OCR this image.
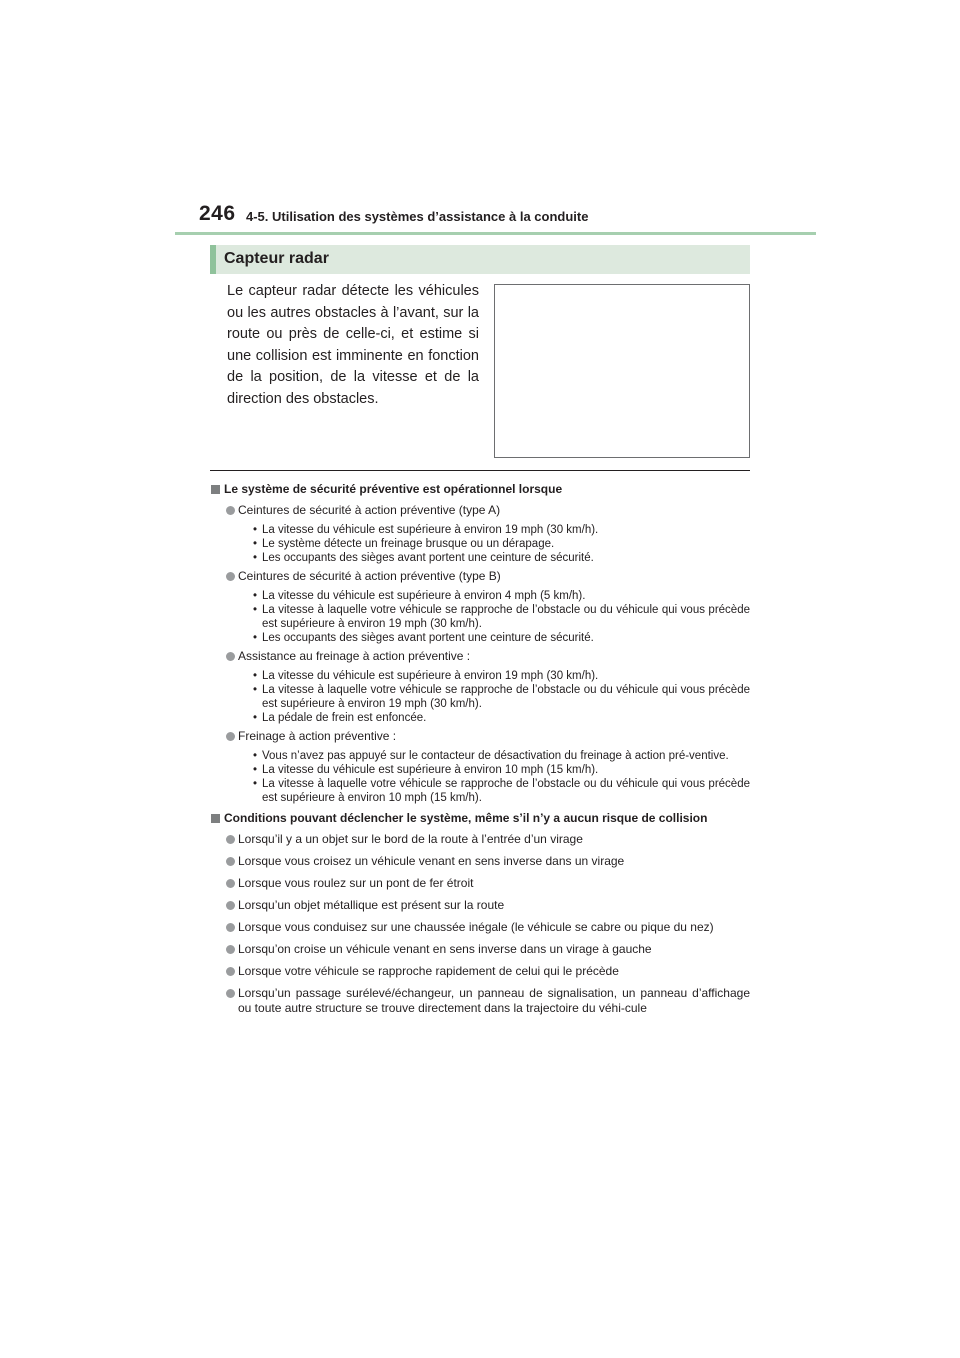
246 4-5. Utilisation des systèmes d’assistance à la conduite
Capteur radar
Le capteur radar détecte les véhicules ou les autres obstacles à l’avant, sur la route ou près de celle-ci, et estime si une collision est imminente en fonction de la position, de la vitesse et de la direction des obstacles.
Le système de sécurité préventive est opérationnel lorsque
Ceintures de sécurité à action préventive (type A)
• La vitesse du véhicule est supérieure à environ 19 mph (30 km/h).
• Le système détecte un freinage brusque ou un dérapage.
• Les occupants des sièges avant portent une ceinture de sécurité.
Ceintures de sécurité à action préventive (type B)
• La vitesse du véhicule est supérieure à environ 4 mph (5 km/h).
• La vitesse à laquelle votre véhicule se rapproche de l’obstacle ou du véhicule qui vous précède est supérieure à environ 19 mph (30 km/h).
• Les occupants des sièges avant portent une ceinture de sécurité.
Assistance au freinage à action préventive :
• La vitesse du véhicule est supérieure à environ 19 mph (30 km/h).
• La vitesse à laquelle votre véhicule se rapproche de l’obstacle ou du véhicule qui vous précède est supérieure à environ 19 mph (30 km/h).
• La pédale de frein est enfoncée.
Freinage à action préventive :
• Vous n’avez pas appuyé sur le contacteur de désactivation du freinage à action pré-ventive.
• La vitesse du véhicule est supérieure à environ 10 mph (15 km/h).
• La vitesse à laquelle votre véhicule se rapproche de l’obstacle ou du véhicule qui vous précède est supérieure à environ 10 mph (15 km/h).
Conditions pouvant déclencher le système, même s’il n’y a aucun risque de collision
Lorsqu’il y a un objet sur le bord de la route à l’entrée d’un virage
Lorsque vous croisez un véhicule venant en sens inverse dans un virage
Lorsque vous roulez sur un pont de fer étroit
Lorsqu’un objet métallique est présent sur la route
Lorsque vous conduisez sur une chaussée inégale (le véhicule se cabre ou pique du nez)
Lorsqu’on croise un véhicule venant en sens inverse dans un virage à gauche
Lorsque votre véhicule se rapproche rapidement de celui qui le précède
Lorsqu’un passage surélevé/échangeur, un panneau de signalisation, un panneau d’affichage ou toute autre structure se trouve directement dans la trajectoire du véhi-cule
